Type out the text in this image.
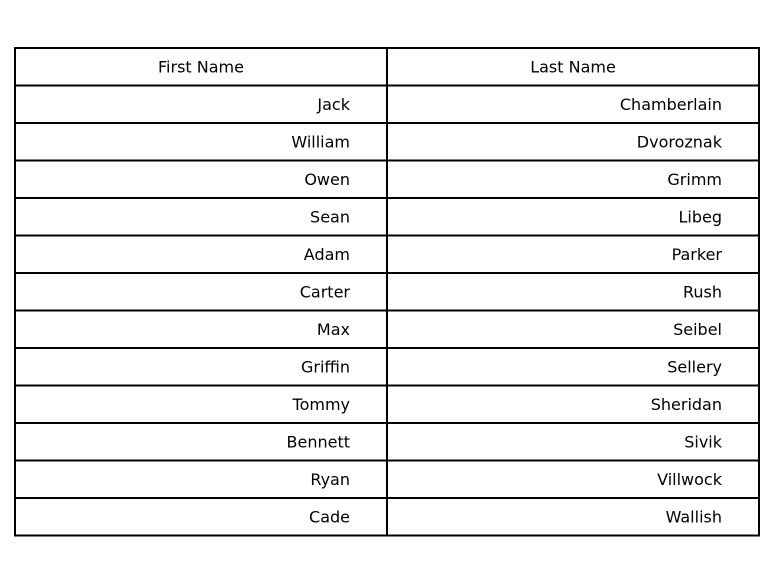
First Name	Last Name
Jack	Chamberlain
William	Dvoroznak
Owen	Grimm
Sean	Libeg
Adam	Parker
Carter	Rush
Max	Seibel
Griffin	Sellery
Tommy	Sheridan
Bennett	Sivik
Ryan	Villwock
Cade	Wallish
